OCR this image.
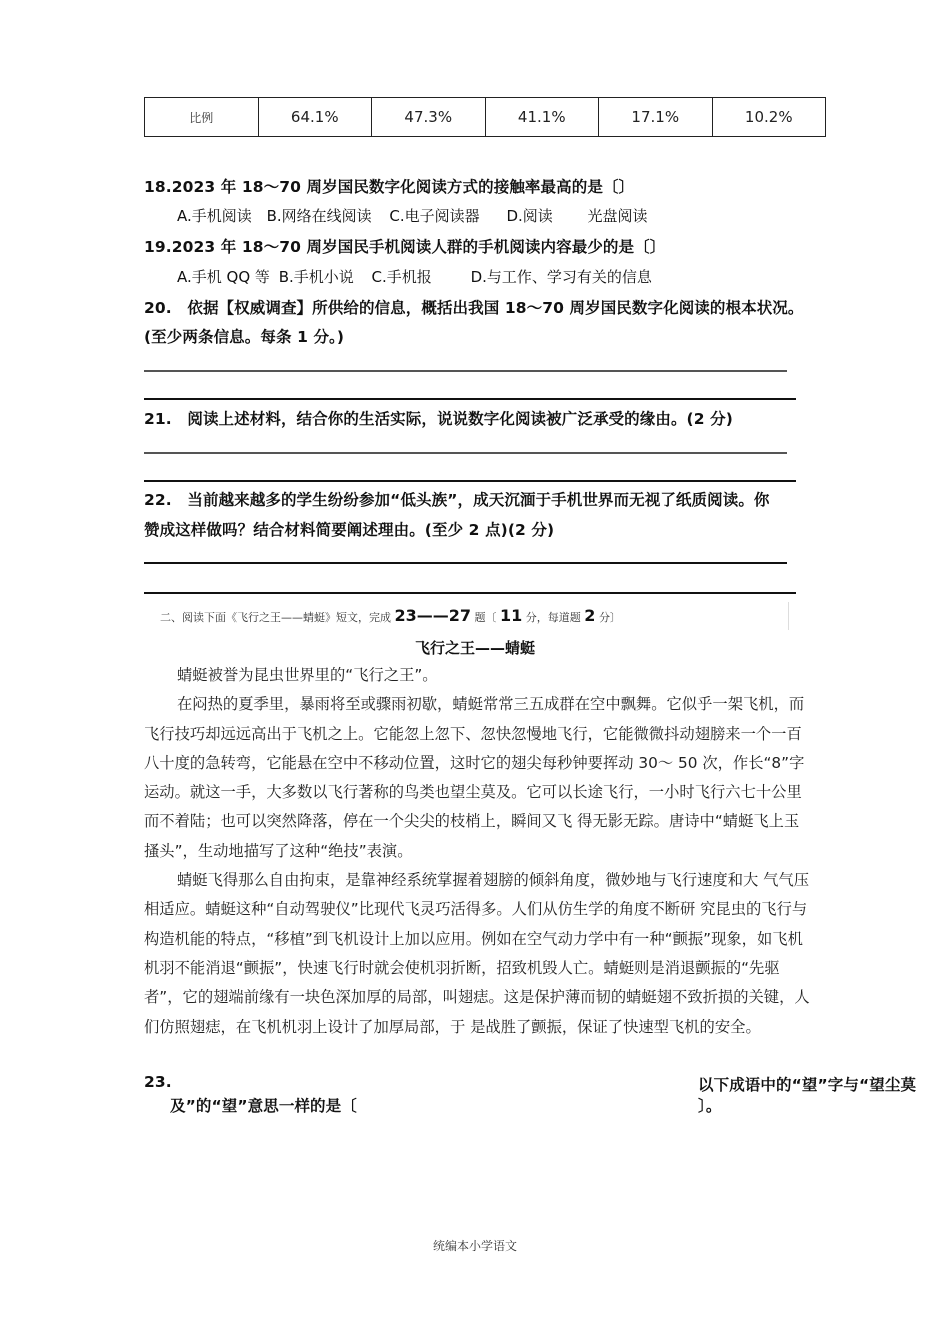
比例	64.1%	47.3%	41.1%	17.1%	10.2%
18.2023 年 18～70 周岁国民数字化阅读方式的接触率最高的是〔〕
A.手机阅读 B.网络在线阅读 C.电子阅读器 D.阅读 光盘阅读
19.2023 年 18～70 周岁国民手机阅读人群的手机阅读内容最少的是〔〕
A.手机 QQ 等 B.手机小说 C.手机报	D.与工作、学习有关的信息
20.　依据【权威调查】所供给的信息，概括出我国 18～70 周岁国民数字化阅读的根本状况。
(至少两条信息。每条 1 分。)
21.　阅读上述材料，结合你的生活实际，说说数字化阅读被广泛承受的缘由。(2 分)
22.　当前越来越多的学生纷纷参加“低头族”，成天沉湎于手机世界而无视了纸质阅读。你
赞成这样做吗？结合材料简要阐述理由。(至少 2 点)(2 分)
二、阅读下面《飞行之王——蜻蜓》短文，完成 23——27 题〔 11 分，每道题 2 分〕
飞行之王——蜻蜓

蜻蜓被誉为昆虫世界里的“飞行之王”。

在闷热的夏季里，暴雨将至或骤雨初歇，蜻蜓常常三五成群在空中飘舞。它似乎一架飞机，而飞行技巧却远远高出于飞机之上。它能忽上忽下、忽快忽慢地飞行，它能微微抖动翅膀来一个一百八十度的急转弯，它能悬在空中不移动位置，这时它的翅尖每秒钟要挥动 30～ 50 次，作长“8”字运动。就这一手，大多数以飞行著称的鸟类也望尘莫及。它可以长途飞行，一小时飞行六七十公里而不着陆；也可以突然降落，停在一个尖尖的枝梢上，瞬间又飞 得无影无踪。唐诗中“蜻蜓飞上玉搔头”，生动地描写了这种“绝技”表演。

蜻蜓飞得那么自由拘束，是靠神经系统掌握着翅膀的倾斜角度，微妙地与飞行速度和大 气气压相适应。蜻蜓这种“自动驾驶仪”比现代飞灵巧活得多。人们从仿生学的角度不断研 究昆虫的飞行与构造机能的特点，“移植”到飞机设计上加以应用。例如在空气动力学中有一种“颤振”现象，如飞机机羽不能消退“颤振”，快速飞行时就会使机羽折断，招致机毁人亡。蜻蜓则是消退颤振的“先驱者”，它的翅端前缘有一块色深加厚的局部，叫翅痣。这是保护薄而韧的蜻蜓翅不致折损的关键，人们仿照翅痣，在飞机机羽上设计了加厚局部，于 是战胜了颤振，保证了快速型飞机的安全。

23.	以下成语中的“望”字与“望尘莫
及”的“望”意思一样的是〔	〕。
统编本小学语文
